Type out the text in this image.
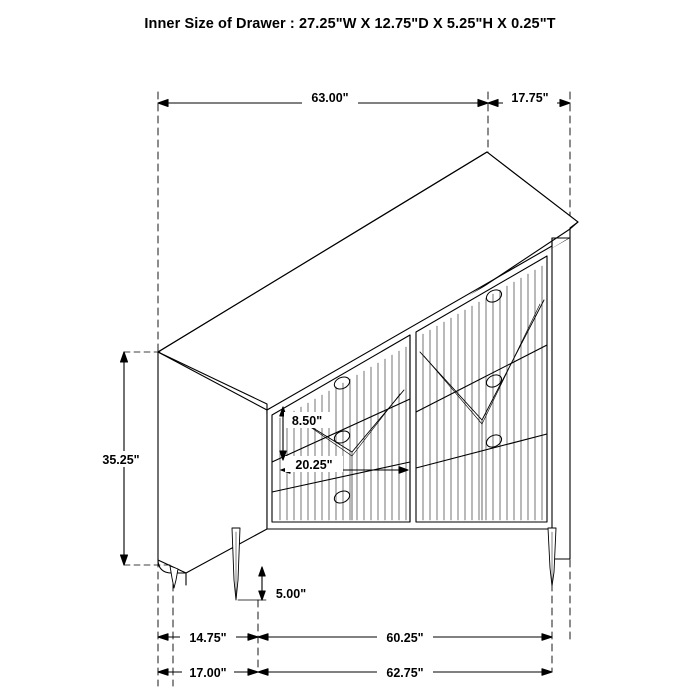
Inner Size of Drawer : 27.25"W X 12.75"D X 5.25"H X 0.25"T
63.00"	17.75"
35.25"
8.50"
20.25"
5.00"
14.75"	60.25"
17.00"	62.75"
